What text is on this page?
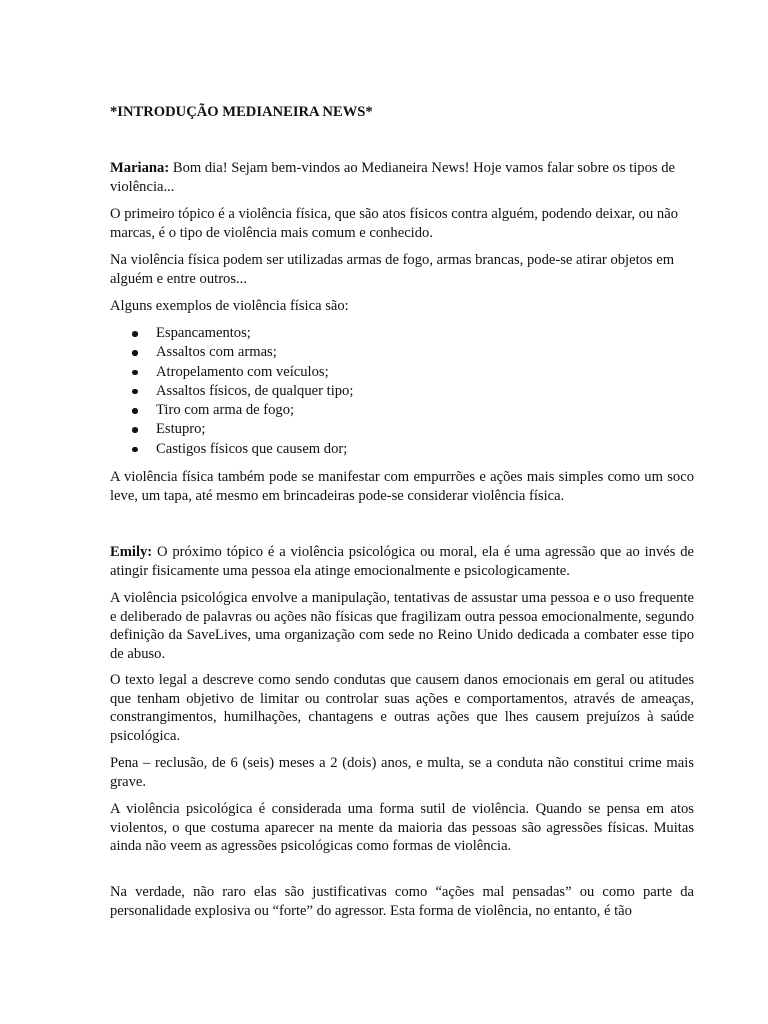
*INTRODUÇÃO MEDIANEIRA NEWS*

Mariana: Bom dia! Sejam bem-vindos ao Medianeira News! Hoje vamos falar sobre os tipos de violência...

O primeiro tópico é a violência física, que são atos físicos contra alguém, podendo deixar, ou não marcas, é o tipo de violência mais comum e conhecido.

Na violência física podem ser utilizadas armas de fogo, armas brancas, pode-se atirar objetos em alguém e entre outros...

Alguns exemplos de violência física são:

Espancamentos;
Assaltos com armas;
Atropelamento com veículos;
Assaltos físicos, de qualquer tipo;
Tiro com arma de fogo;
Estupro;
Castigos físicos que causem dor;

A violência física também pode se manifestar com empurrões e ações mais simples como um soco leve, um tapa, até mesmo em brincadeiras pode-se considerar violência física.

Emily: O próximo tópico é a violência psicológica ou moral, ela é uma agressão que ao invés de atingir fisicamente uma pessoa ela atinge emocionalmente e psicologicamente.

A violência psicológica envolve a manipulação, tentativas de assustar uma pessoa e o uso frequente e deliberado de palavras ou ações não físicas que fragilizam outra pessoa emocionalmente, segundo definição da SaveLives, uma organização com sede no Reino Unido dedicada a combater esse tipo de abuso.

O texto legal a descreve como sendo condutas que causem danos emocionais em geral ou atitudes que tenham objetivo de limitar ou controlar suas ações e comportamentos, através de ameaças, constrangimentos, humilhações, chantagens e outras ações que lhes causem prejuízos à saúde psicológica.

Pena – reclusão, de 6 (seis) meses a 2 (dois) anos, e multa, se a conduta não constitui crime mais grave.

A violência psicológica é considerada uma forma sutil de violência. Quando se pensa em atos violentos, o que costuma aparecer na mente da maioria das pessoas são agressões físicas. Muitas ainda não veem as agressões psicológicas como formas de violência.

Na verdade, não raro elas são justificativas como “ações mal pensadas” ou como parte da personalidade explosiva ou “forte” do agressor. Esta forma de violência, no entanto, é tão
